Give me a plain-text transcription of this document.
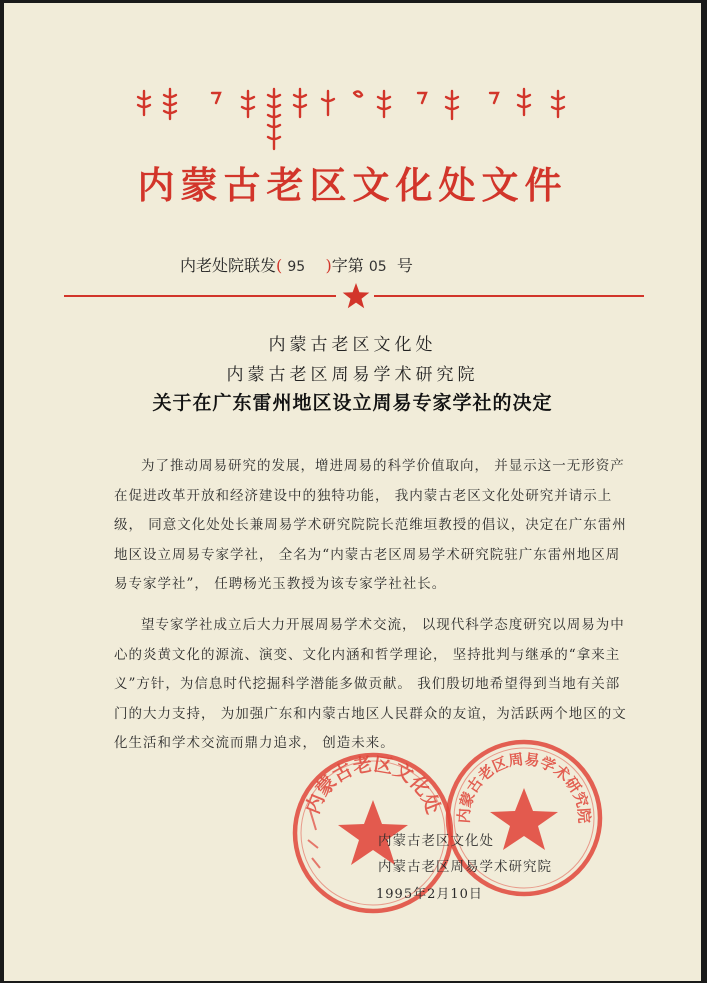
内蒙古老区文化处文件
内老处院联发( 95 )字第 05 号
内蒙古老区文化处
内蒙古老区周易学术研究院
关于在广东雷州地区设立周易专家学社的决定

为了推动周易研究的发展，增进周易的科学价值取向， 并显示这一无形资产在促进改革开放和经济建设中的独特功能， 我内蒙古老区文化处研究并请示上级， 同意文化处处长兼周易学术研究院院长范维垣教授的倡议，决定在广东雷州地区设立周易专家学社， 全名为“内蒙古老区周易学术研究院驻广东雷州地区周易专家学社”， 任聘杨光玉教授为该专家学社社长。

望专家学社成立后大力开展周易学术交流， 以现代科学态度研究以周易为中心的炎黄文化的源流、演变、文化内涵和哲学理论， 坚持批判与继承的“拿来主义”方针，为信息时代挖掘科学潜能多做贡献。 我们殷切地希望得到当地有关部门的大力支持， 为加强广东和内蒙古地区人民群众的友谊，为活跃两个地区的文化生活和学术交流而鼎力追求， 创造未来。

内蒙古老区文化处 内蒙古老区周易学术研究院
内蒙古老区文化处
内蒙古老区周易学术研究院
1995年2月10日
